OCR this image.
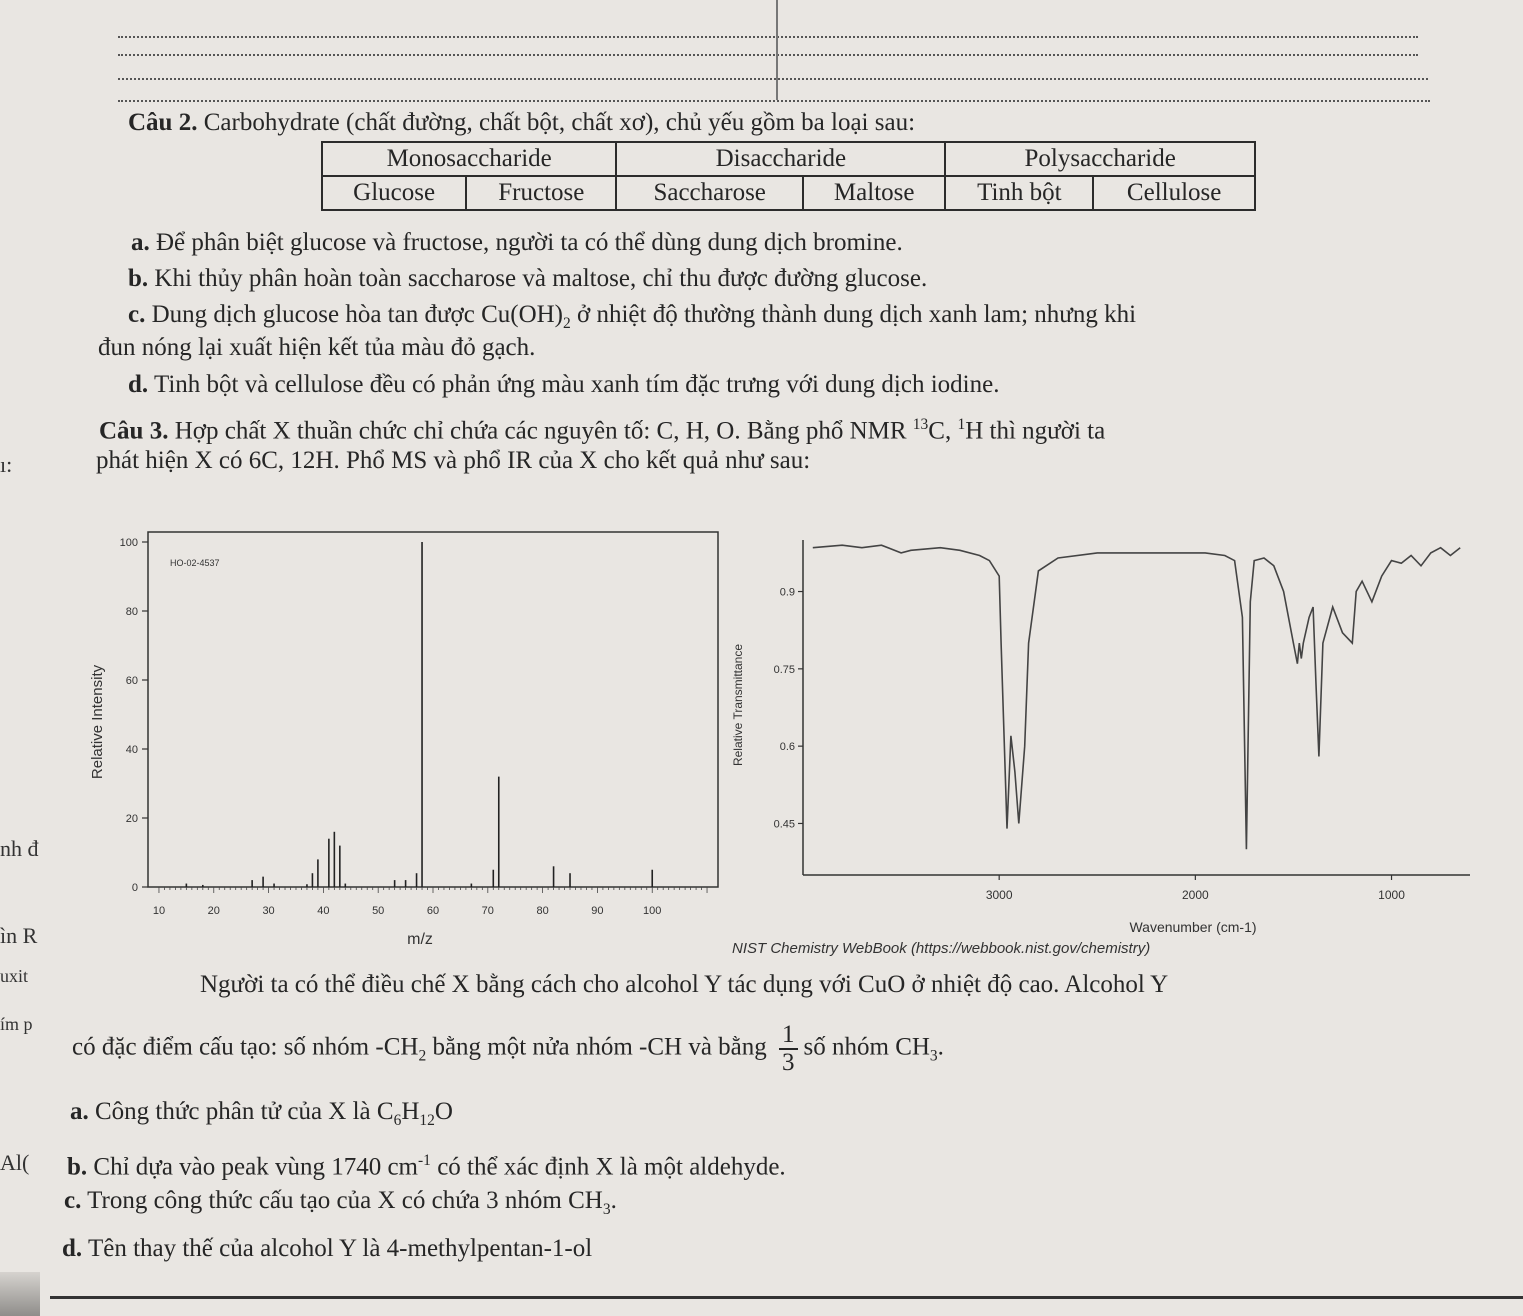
ı:
nh đ
ìn R
uxit
ím p
Al(
Câu 2. Carbohydrate (chất đường, chất bột, chất xơ), chủ yếu gồm ba loại sau:
Monosaccharide		Disaccharide		Polysaccharide	
Glucose	Fructose	Saccharose	Maltose	Tinh bột	Cellulose
a. Để phân biệt glucose và fructose, người ta có thể dùng dung dịch bromine.
b. Khi thủy phân hoàn toàn saccharose và maltose, chỉ thu được đường glucose.
c. Dung dịch glucose hòa tan được $Cu(OH)_2$ ở nhiệt độ thường thành dung dịch xanh lam; nhưng khi
đun nóng lại xuất hiện kết tủa màu đỏ gạch.
d. Tinh bột và cellulose đều có phản ứng màu xanh tím đặc trưng với dung dịch iodine.
Câu 3. Hợp chất X thuần chức chỉ chứa các nguyên tố: C, H, O. Bằng phổ NMR $^{13}$C, $^1$H thì người ta
phát hiện X có 6C, 12H. Phổ MS và phổ IR của X cho kết quả như sau:
0
20
40
60
80
100
10	20	30	40	50	60	70	80	90	100
HO-02-4537
m/z
Relative Intensity
0.45
0.6
0.75
0.9
3000	2000	1000
Wavenumber (cm-1)
Relative Transmittance
NIST Chemistry WebBook (https://webbook.nist.gov/chemistry)
Người ta có thể điều chế X bằng cách cho alcohol Y tác dụng với CuO ở nhiệt độ cao. Alcohol Y
có đặc điểm cấu tạo: số nhóm $-CH_2$ bằng một nửa nhóm -CH và bằng $\frac{1}{3}$ số nhóm $CH_3$.
a. Công thức phân tử của X là $C_6H_{12}O$
b. Chỉ dựa vào peak vùng 1740 $cm^{-1}$ có thể xác định X là một aldehyde.
c. Trong công thức cấu tạo của X có chứa 3 nhóm $CH_3$.
d. Tên thay thế của alcohol Y là 4-methylpentan-1-ol
